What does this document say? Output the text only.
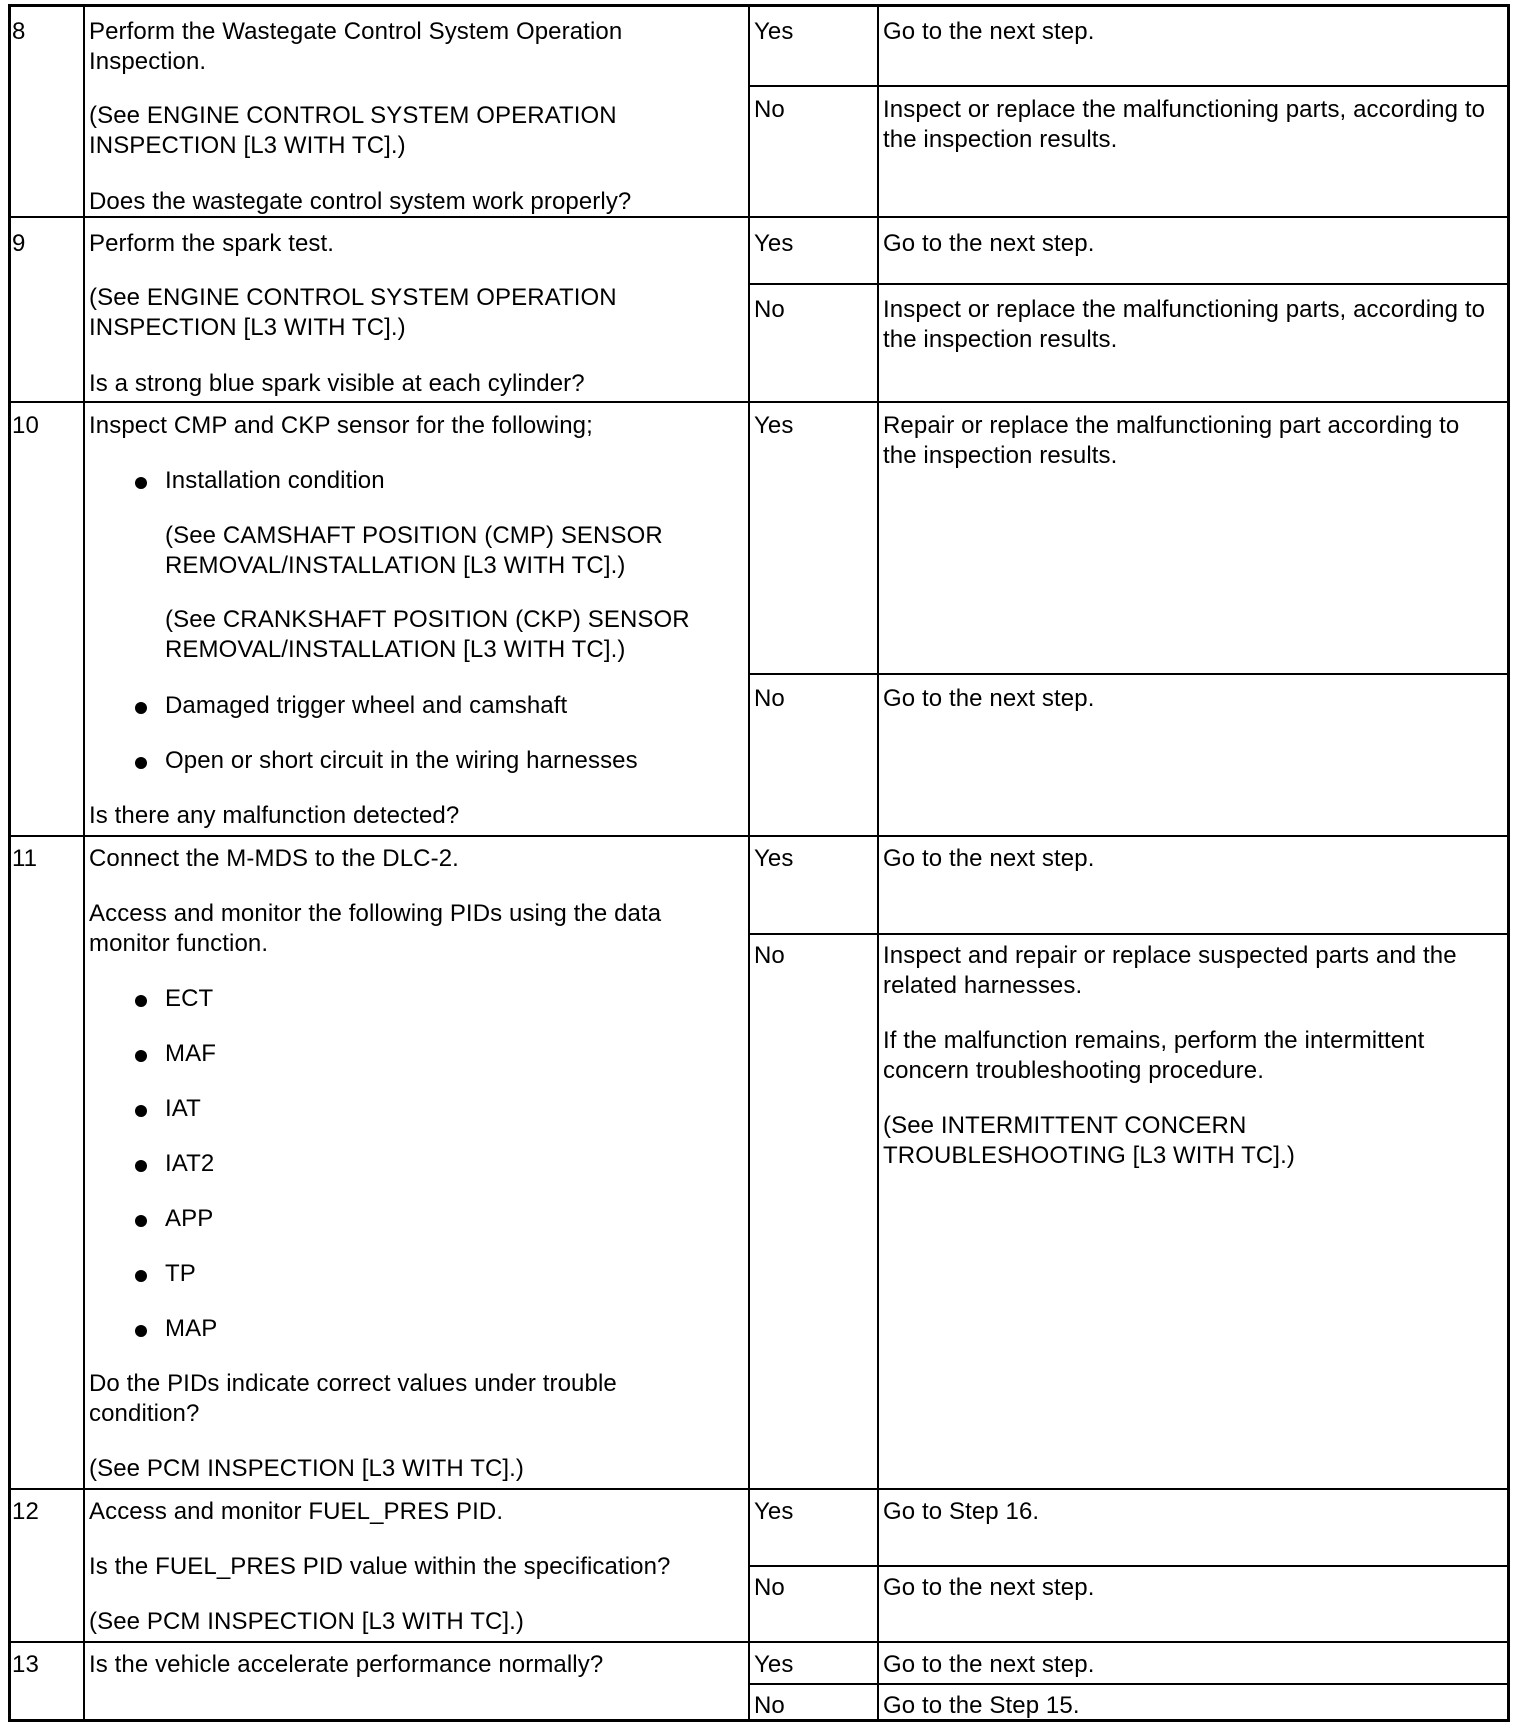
8	Perform the Wastegate Control System Operation
Inspection.
(See ENGINE CONTROL SYSTEM OPERATION
INSPECTION [L3 WITH TC].)
Does the wastegate control system work properly?
Yes	Go to the next step.
No	Inspect or replace the malfunctioning parts, according to
the inspection results.
9	Perform the spark test.
(See ENGINE CONTROL SYSTEM OPERATION
INSPECTION [L3 WITH TC].)
Is a strong blue spark visible at each cylinder?
Yes	Go to the next step.
No	Inspect or replace the malfunctioning parts, according to
the inspection results.
10 Inspect CMP and CKP sensor for the following;
Installation condition
(See CAMSHAFT POSITION (CMP) SENSOR
REMOVAL/INSTALLATION [L3 WITH TC].)
(See CRANKSHAFT POSITION (CKP) SENSOR
REMOVAL/INSTALLATION [L3 WITH TC].)
Damaged trigger wheel and camshaft
Open or short circuit in the wiring harnesses
Is there any malfunction detected?
Yes	Repair or replace the malfunctioning part according to
the inspection results.
No	Go to the next step.
11 Connect the M-MDS to the DLC-2.
Access and monitor the following PIDs using the data
monitor function.
ECT
MAF
IAT
IAT2
APP
TP
MAP
Do the PIDs indicate correct values under trouble
condition?
(See PCM INSPECTION [L3 WITH TC].)
Yes	Go to the next step.
No	Inspect and repair or replace suspected parts and the
related harnesses.
If the malfunction remains, perform the intermittent
concern troubleshooting procedure.
(See INTERMITTENT CONCERN
TROUBLESHOOTING [L3 WITH TC].)
12 Access and monitor FUEL_PRES PID.
Is the FUEL_PRES PID value within the specification?
(See PCM INSPECTION [L3 WITH TC].)
Yes	Go to Step 16.
No	Go to the next step.
13 Is the vehicle accelerate performance normally?	Yes	Go to the next step.
No	Go to the Step 15.
